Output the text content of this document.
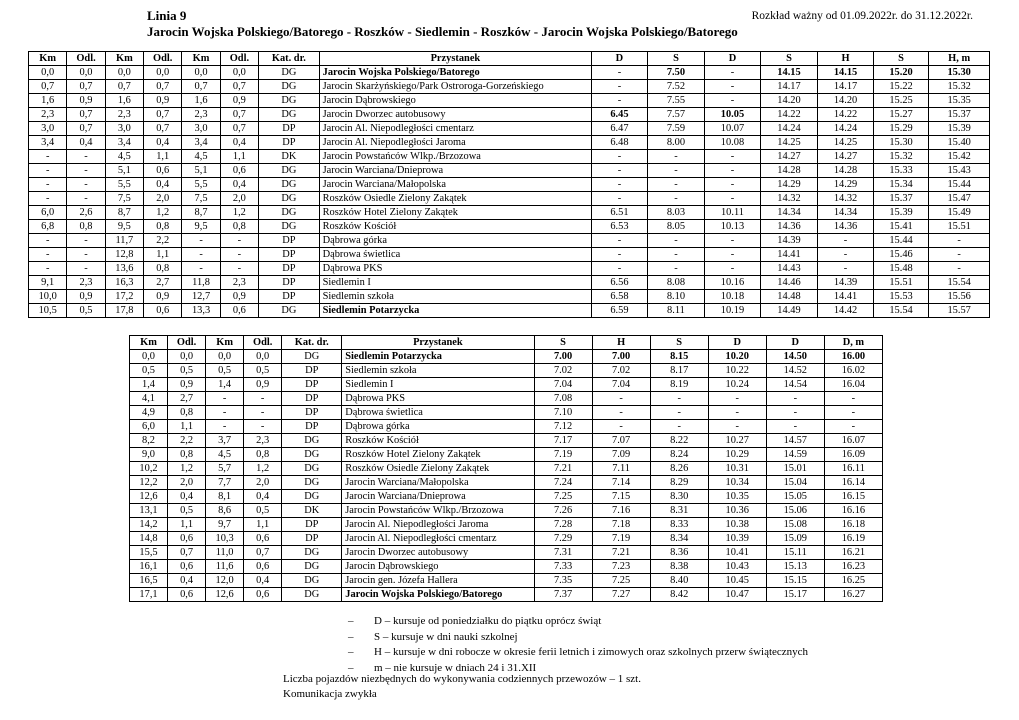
Linia 9	Rozkład ważny od 01.09.2022r. do 31.12.2022r.
Jarocin Wojska Polskiego/Batorego - Roszków - Siedlemin - Roszków - Jarocin Wojska Polskiego/Batorego
Km	Odl.	Km	Odl.	Km	Odl.	Kat. dr.	Przystanek	D	S	D	S	H	S	H, m
0,0	0,0	0,0	0,0	0,0	0,0	DG	Jarocin Wojska Polskiego/Batorego	-	7.50	-	14.15	14.15	15.20	15.30
0,7	0,7	0,7	0,7	0,7	0,7	DG	Jarocin Skarżyńskiego/Park Ostroroga-Gorzeńskiego	-	7.52	-	14.17	14.17	15.22	15.32
1,6	0,9	1,6	0,9	1,6	0,9	DG	Jarocin Dąbrowskiego	-	7.55	-	14.20	14.20	15.25	15.35
2,3	0,7	2,3	0,7	2,3	0,7	DG	Jarocin Dworzec autobusowy	6.45	7.57	10.05	14.22	14.22	15.27	15.37
3,0	0,7	3,0	0,7	3,0	0,7	DP	Jarocin Al. Niepodległości cmentarz	6.47	7.59	10.07	14.24	14.24	15.29	15.39
3,4	0,4	3,4	0,4	3,4	0,4	DP	Jarocin Al. Niepodległości Jaroma	6.48	8.00	10.08	14.25	14.25	15.30	15.40
-	-	4,5	1,1	4,5	1,1	DK	Jarocin Powstańców Wlkp./Brzozowa	-	-	-	14.27	14.27	15.32	15.42
-	-	5,1	0,6	5,1	0,6	DG	Jarocin Warciana/Dnieprowa	-	-	-	14.28	14.28	15.33	15.43
-	-	5,5	0,4	5,5	0,4	DG	Jarocin Warciana/Małopolska	-	-	-	14.29	14.29	15.34	15.44
-	-	7,5	2,0	7,5	2,0	DG	Roszków Osiedle Zielony Zakątek	-	-	-	14.32	14.32	15.37	15.47
6,0	2,6	8,7	1,2	8,7	1,2	DG	Roszków Hotel Zielony Zakątek	6.51	8.03	10.11	14.34	14.34	15.39	15.49
6,8	0,8	9,5	0,8	9,5	0,8	DG	Roszków Kościół	6.53	8.05	10.13	14.36	14.36	15.41	15.51
-	-	11,7	2,2	-	-	DP	Dąbrowa górka	-	-	-	14.39	-	15.44	-
-	-	12,8	1,1	-	-	DP	Dąbrowa świetlica	-	-	-	14.41	-	15.46	-
-	-	13,6	0,8	-	-	DP	Dąbrowa PKS	-	-	-	14.43	-	15.48	-
9,1	2,3	16,3	2,7	11,8	2,3	DP	Siedlemin I	6.56	8.08	10.16	14.46	14.39	15.51	15.54
10,0	0,9	17,2	0,9	12,7	0,9	DP	Siedlemin szkoła	6.58	8.10	10.18	14.48	14.41	15.53	15.56
10,5	0,5	17,8	0,6	13,3	0,6	DG	Siedlemin Potarzycka	6.59	8.11	10.19	14.49	14.42	15.54	15.57
Km	Odl.	Km	Odl.	Kat. dr.	Przystanek	S	H	S	D	D	D, m
0,0	0,0	0,0	0,0	DG	Siedlemin Potarzycka	7.00	7.00	8.15	10.20	14.50	16.00
0,5	0,5	0,5	0,5	DP	Siedlemin szkoła	7.02	7.02	8.17	10.22	14.52	16.02
1,4	0,9	1,4	0,9	DP	Siedlemin I	7.04	7.04	8.19	10.24	14.54	16.04
4,1	2,7	-	-	DP	Dąbrowa PKS	7.08	-	-	-	-	-
4,9	0,8	-	-	DP	Dąbrowa świetlica	7.10	-	-	-	-	-
6,0	1,1	-	-	DP	Dąbrowa górka	7.12	-	-	-	-	-
8,2	2,2	3,7	2,3	DG	Roszków Kościół	7.17	7.07	8.22	10.27	14.57	16.07
9,0	0,8	4,5	0,8	DG	Roszków Hotel Zielony Zakątek	7.19	7.09	8.24	10.29	14.59	16.09
10,2	1,2	5,7	1,2	DG	Roszków Osiedle Zielony Zakątek	7.21	7.11	8.26	10.31	15.01	16.11
12,2	2,0	7,7	2,0	DG	Jarocin Warciana/Małopolska	7.24	7.14	8.29	10.34	15.04	16.14
12,6	0,4	8,1	0,4	DG	Jarocin Warciana/Dnieprowa	7.25	7.15	8.30	10.35	15.05	16.15
13,1	0,5	8,6	0,5	DK	Jarocin Powstańców Wlkp./Brzozowa	7.26	7.16	8.31	10.36	15.06	16.16
14,2	1,1	9,7	1,1	DP	Jarocin Al. Niepodległości Jaroma	7.28	7.18	8.33	10.38	15.08	16.18
14,8	0,6	10,3	0,6	DP	Jarocin Al. Niepodległości cmentarz	7.29	7.19	8.34	10.39	15.09	16.19
15,5	0,7	11,0	0,7	DG	Jarocin Dworzec autobusowy	7.31	7.21	8.36	10.41	15.11	16.21
16,1	0,6	11,6	0,6	DG	Jarocin Dąbrowskiego	7.33	7.23	8.38	10.43	15.13	16.23
16,5	0,4	12,0	0,4	DG	Jarocin gen. Józefa Hallera	7.35	7.25	8.40	10.45	15.15	16.25
17,1	0,6	12,6	0,6	DG	Jarocin Wojska Polskiego/Batorego	7.37	7.27	8.42	10.47	15.17	16.27
– D – kursuje od poniedziałku do piątku oprócz świąt
– S – kursuje w dni nauki szkolnej
– H – kursuje w dni robocze w okresie ferii letnich i zimowych oraz szkolnych przerw świątecznych
– m – nie kursuje w dniach 24 i 31.XII
Liczba pojazdów niezbędnych do wykonywania codziennych przewozów – 1 szt.
Komunikacja zwykła
